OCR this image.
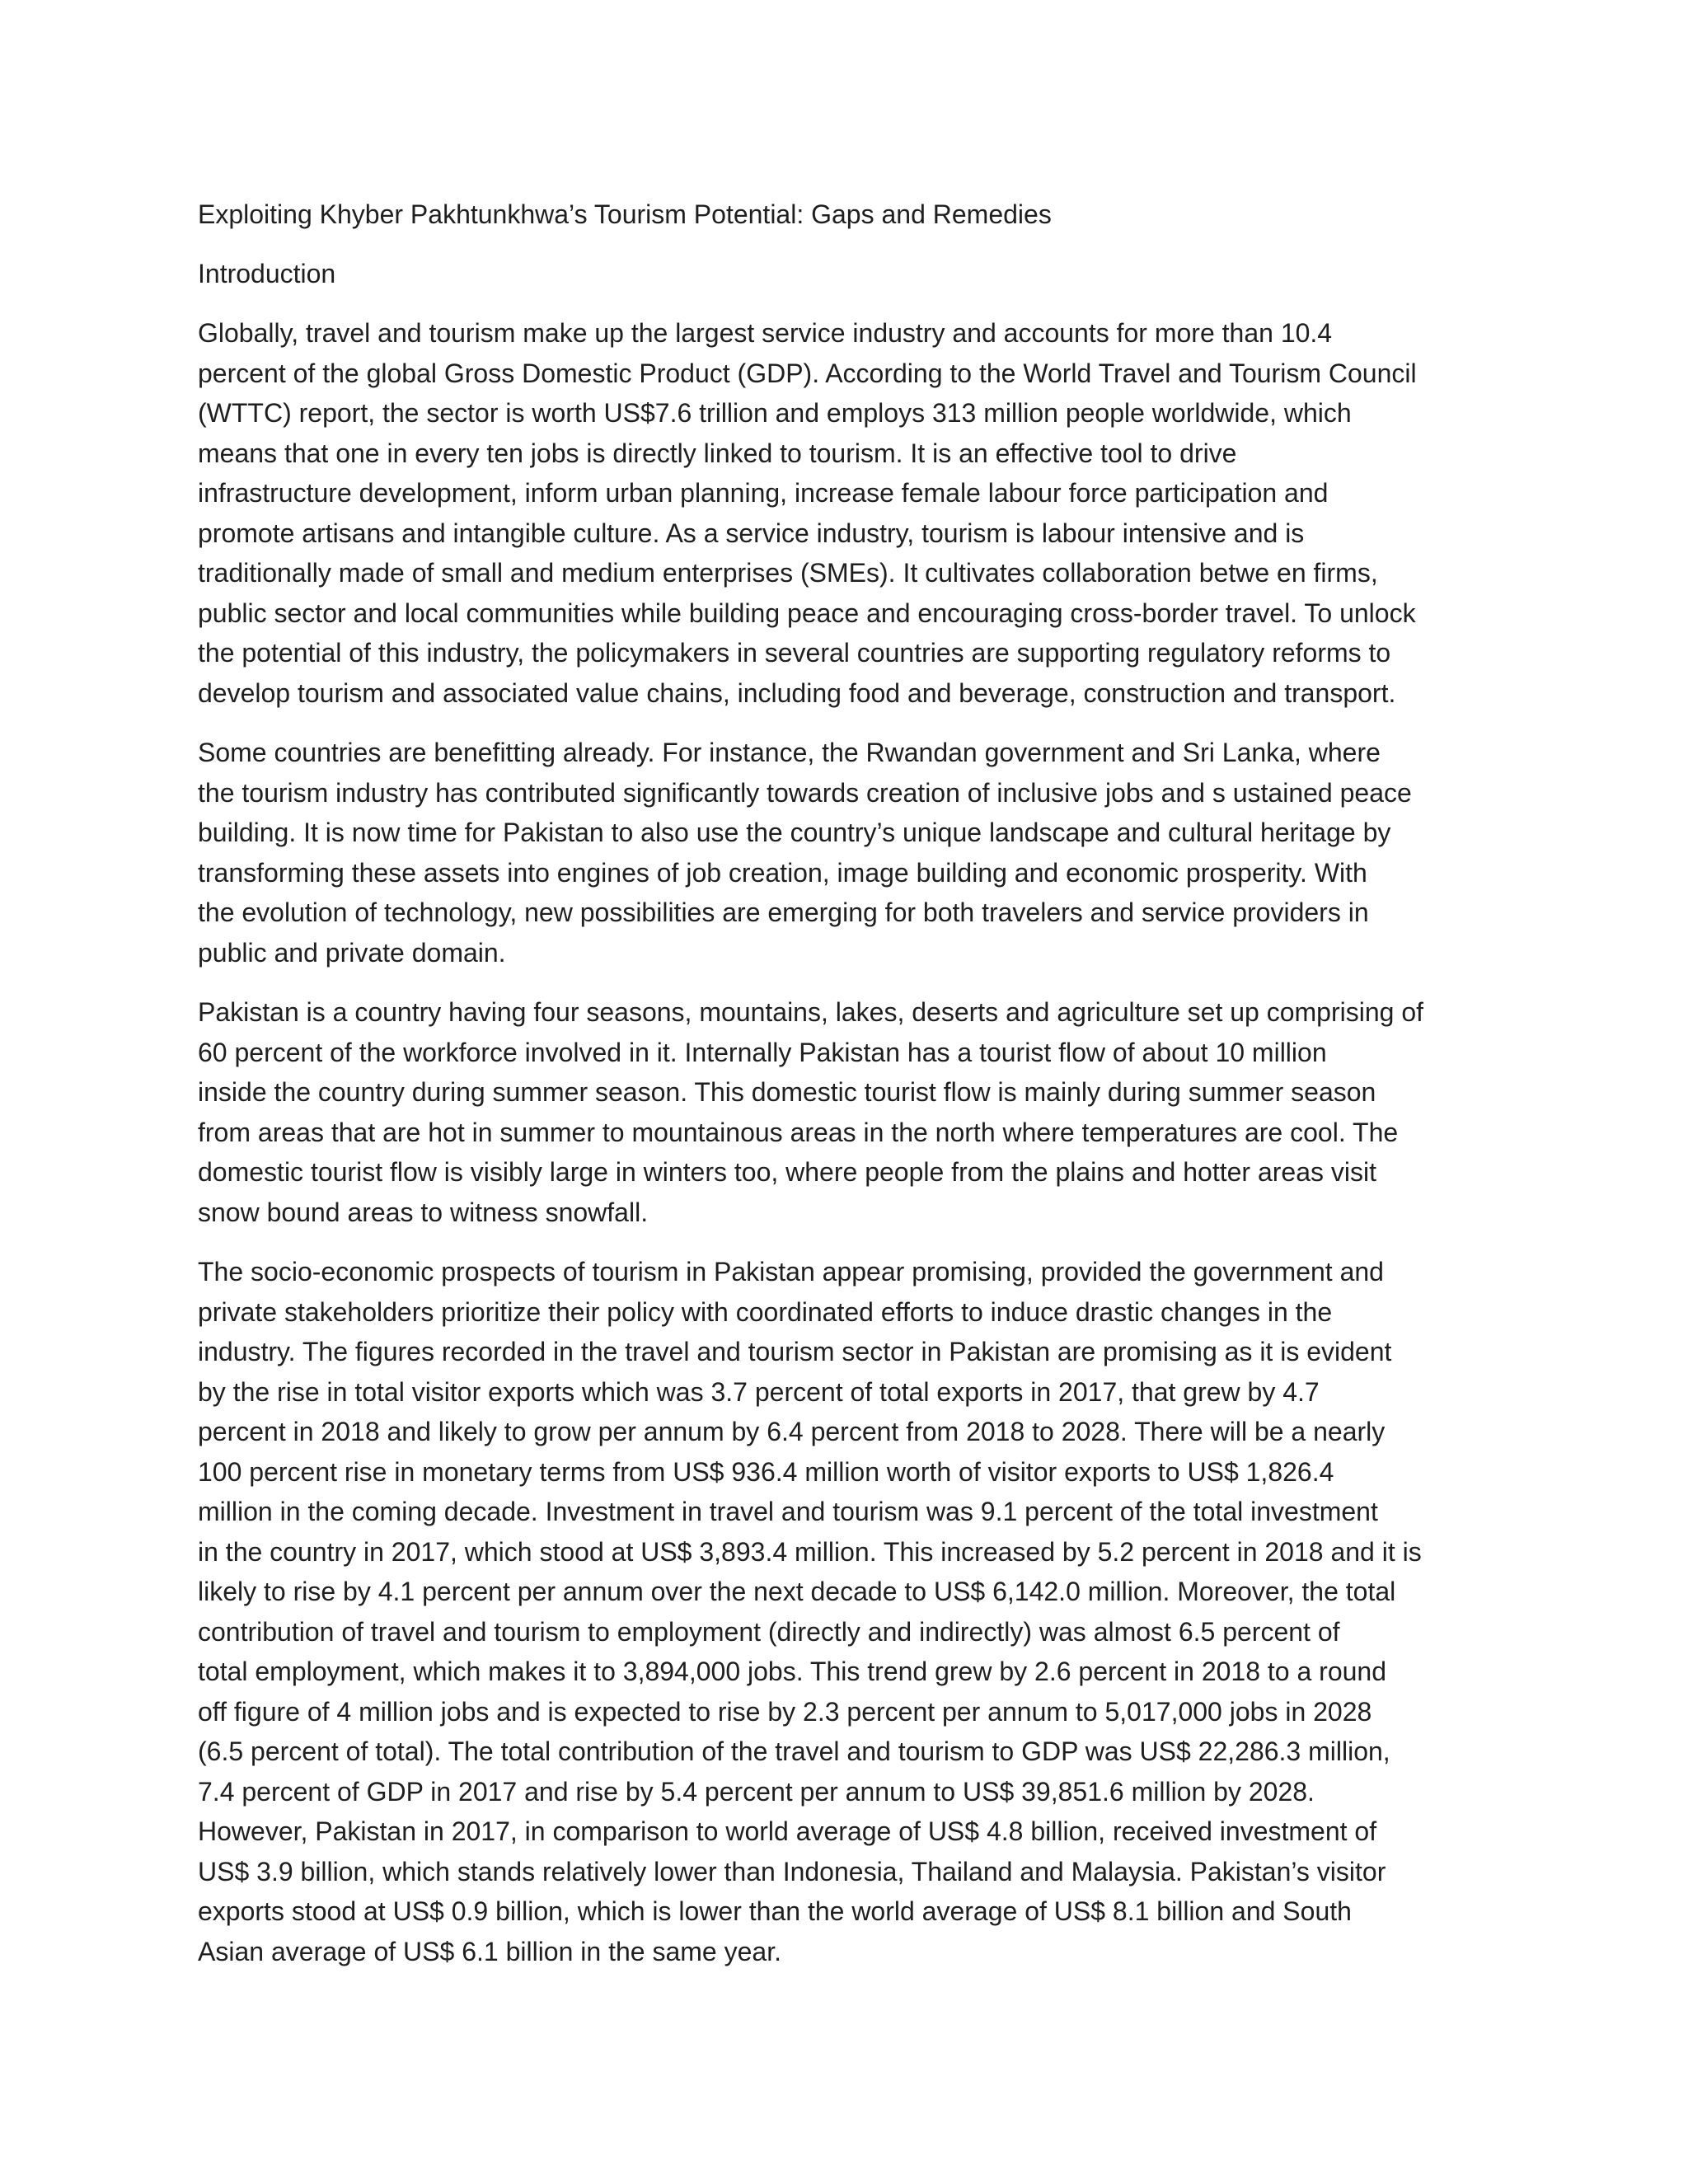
Exploiting Khyber Pakhtunkhwa’s Tourism Potential: Gaps and Remedies
Introduction

Globally, travel and tourism make up the largest service industry and accounts for more than 10.4
percent of the global Gross Domestic Product (GDP). According to the World Travel and Tourism Council
(WTTC) report, the sector is worth US$7.6 trillion and employs 313 million people worldwide, which
means that one in every ten jobs is directly linked to tourism. It is an effective tool to drive
infrastructure development, inform urban planning, increase female labour force participation and
promote artisans and intangible culture. As a service industry, tourism is labour intensive and is
traditionally made of small and medium enterprises (SMEs). It cultivates collaboration betwe en firms,
public sector and local communities while building peace and encouraging cross-border travel. To unlock
the potential of this industry, the policymakers in several countries are supporting regulatory reforms to
develop tourism and associated value chains, including food and beverage, construction and transport.

Some countries are benefitting already. For instance, the Rwandan government and Sri Lanka, where
the tourism industry has contributed significantly towards creation of inclusive jobs and s ustained peace
building. It is now time for Pakistan to also use the country’s unique landscape and cultural heritage by
transforming these assets into engines of job creation, image building and economic prosperity. With
the evolution of technology, new possibilities are emerging for both travelers and service providers in
public and private domain.

Pakistan is a country having four seasons, mountains, lakes, deserts and agriculture set up comprising of
60 percent of the workforce involved in it. Internally Pakistan has a tourist flow of about 10 million
inside the country during summer season. This domestic tourist flow is mainly during summer season
from areas that are hot in summer to mountainous areas in the north where temperatures are cool. The
domestic tourist flow is visibly large in winters too, where people from the plains and hotter areas visit
snow bound areas to witness snowfall.

The socio-economic prospects of tourism in Pakistan appear promising, provided the government and
private stakeholders prioritize their policy with coordinated efforts to induce drastic changes in the
industry. The figures recorded in the travel and tourism sector in Pakistan are promising as it is evident
by the rise in total visitor exports which was 3.7 percent of total exports in 2017, that grew by 4.7
percent in 2018 and likely to grow per annum by 6.4 percent from 2018 to 2028. There will be a nearly
100 percent rise in monetary terms from US$ 936.4 million worth of visitor exports to US$ 1,826.4
million in the coming decade. Investment in travel and tourism was 9.1 percent of the total investment
in the country in 2017, which stood at US$ 3,893.4 million. This increased by 5.2 percent in 2018 and it is
likely to rise by 4.1 percent per annum over the next decade to US$ 6,142.0 million. Moreover, the total
contribution of travel and tourism to employment (directly and indirectly) was almost 6.5 percent of
total employment, which makes it to 3,894,000 jobs. This trend grew by 2.6 percent in 2018 to a round
off figure of 4 million jobs and is expected to rise by 2.3 percent per annum to 5,017,000 jobs in 2028
(6.5 percent of total). The total contribution of the travel and tourism to GDP was US$ 22,286.3 million,
7.4 percent of GDP in 2017 and rise by 5.4 percent per annum to US$ 39,851.6 million by 2028.
However, Pakistan in 2017, in comparison to world average of US$ 4.8 billion, received investment of
US$ 3.9 billion, which stands relatively lower than Indonesia, Thailand and Malaysia. Pakistan’s visitor
exports stood at US$ 0.9 billion, which is lower than the world average of US$ 8.1 billion and South
Asian average of US$ 6.1 billion in the same year.
